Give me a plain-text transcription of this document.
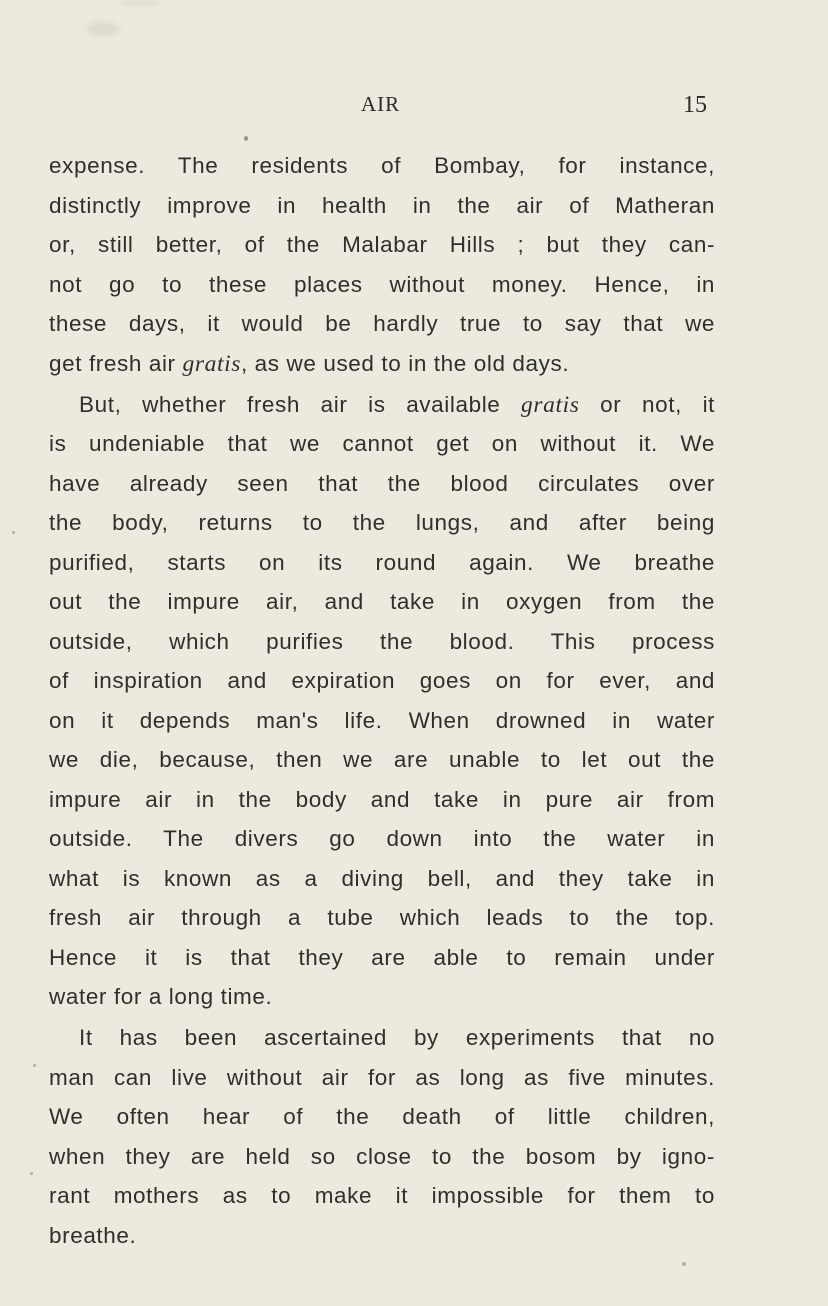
AIR	15
expense. The residents of Bombay, for instance,
distinctly improve in health in the air of Matheran
or, still better, of the Malabar Hills ; but they can-
not go to these places without money. Hence, in
these days, it would be hardly true to say that we
get fresh air gratis, as we used to in the old days.
But, whether fresh air is available gratis or not, it
is undeniable that we cannot get on without it. We
have already seen that the blood circulates over
the body, returns to the lungs, and after being
purified, starts on its round again. We breathe
out the impure air, and take in oxygen from the
outside, which purifies the blood. This process
of inspiration and expiration goes on for ever, and
on it depends man's life. When drowned in water
we die, because, then we are unable to let out the
impure air in the body and take in pure air from
outside. The divers go down into the water in
what is known as a diving bell, and they take in
fresh air through a tube which leads to the top.
Hence it is that they are able to remain under
water for a long time.
It has been ascertained by experiments that no
man can live without air for as long as five minutes.
We often hear of the death of little children,
when they are held so close to the bosom by igno-
rant mothers as to make it impossible for them to
breathe.
